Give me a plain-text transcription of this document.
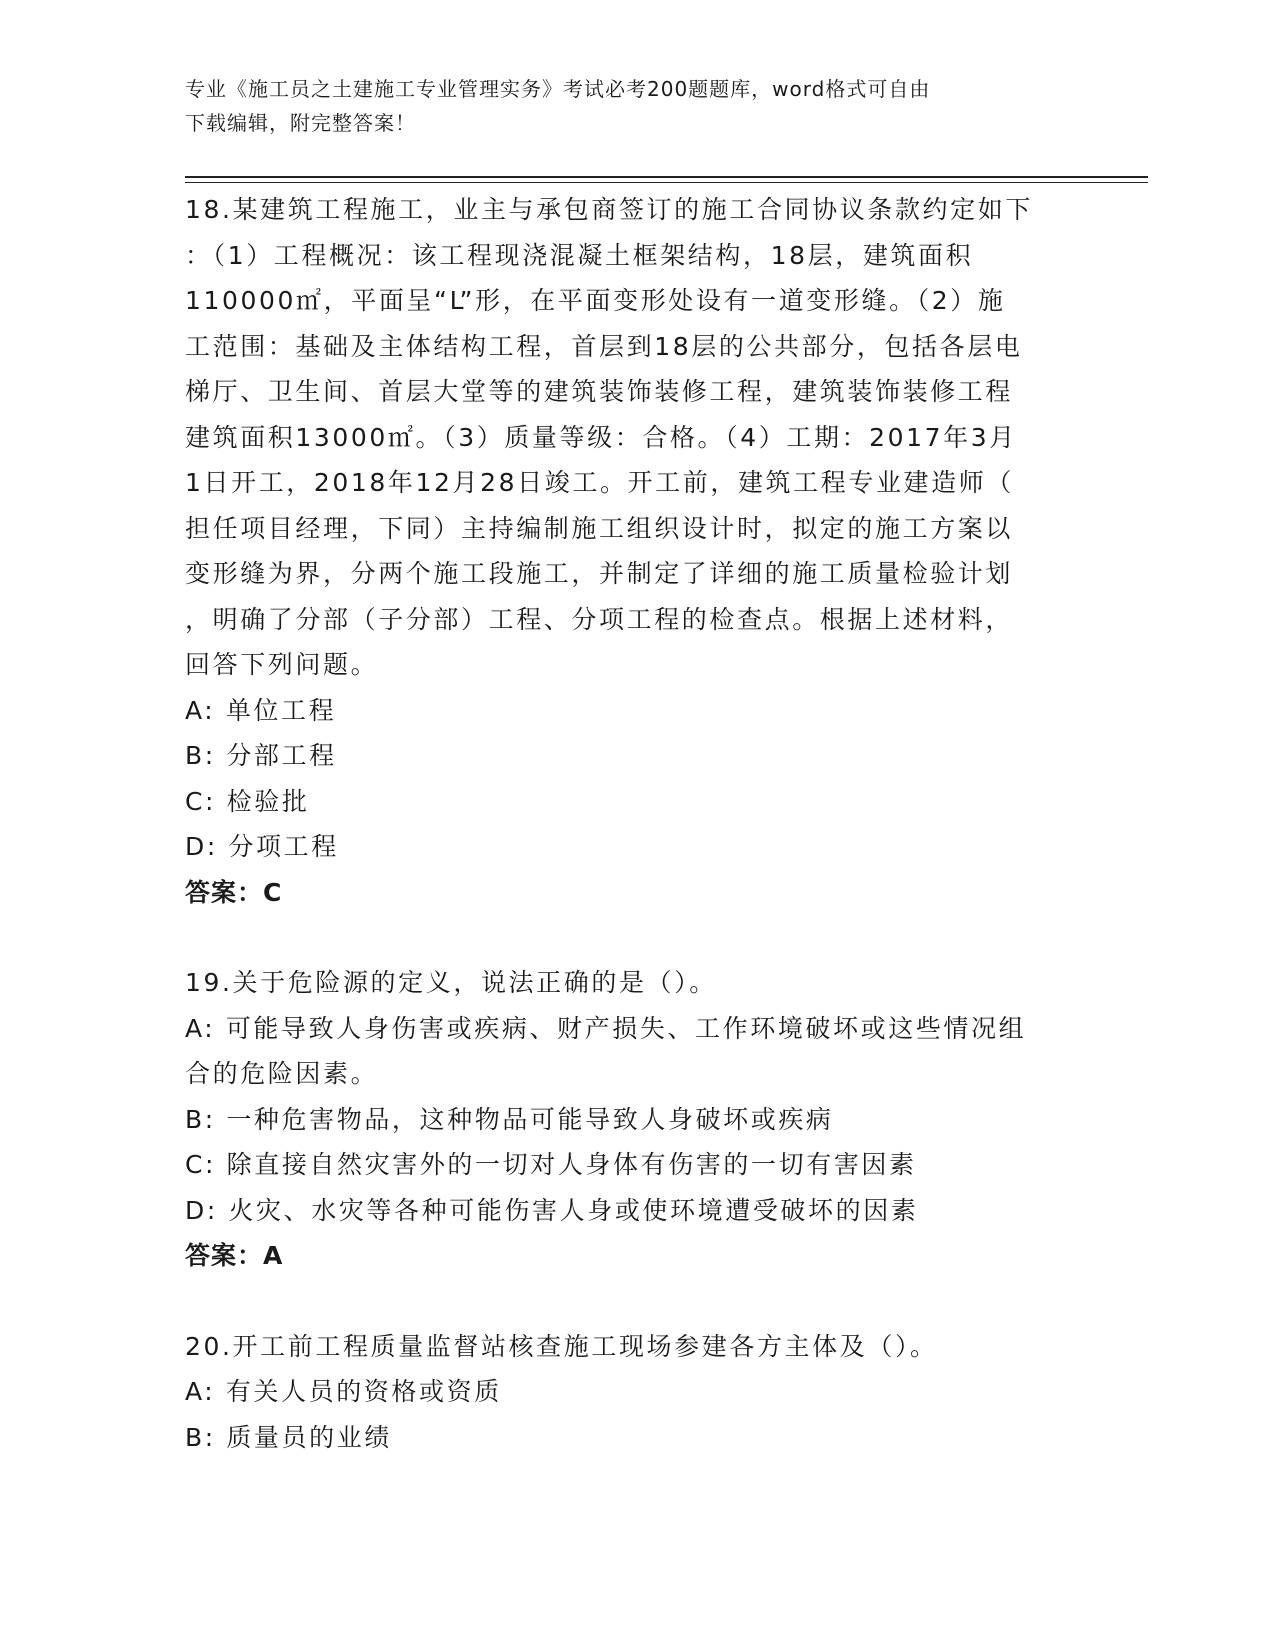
专业《施工员之土建施工专业管理实务》考试必考200题题库，word格式可自由
下载编辑，附完整答案！

18.某建筑工程施工，业主与承包商签订的施工合同协议条款约定如下
：（1）工程概况：该工程现浇混凝土框架结构，18层，建筑面积
110000㎡，平面呈“L”形，在平面变形处设有一道变形缝。（2）施
工范围：基础及主体结构工程，首层到18层的公共部分，包括各层电
梯厅、卫生间、首层大堂等的建筑装饰装修工程，建筑装饰装修工程
建筑面积13000㎡。（3）质量等级：合格。（4）工期：2017年3月
1日开工，2018年12月28日竣工。开工前，建筑工程专业建造师（
担任项目经理，下同）主持编制施工组织设计时，拟定的施工方案以
变形缝为界，分两个施工段施工，并制定了详细的施工质量检验计划
，明确了分部（子分部）工程、分项工程的检查点。根据上述材料，
回答下列问题。

A: 单位工程

B: 分部工程

C: 检验批

D: 分项工程

答案：C

19.关于危险源的定义，说法正确的是（）。

A: 可能导致人身伤害或疾病、财产损失、工作环境破坏或这些情况组
合的危险因素。

B: 一种危害物品，这种物品可能导致人身破坏或疾病

C: 除直接自然灾害外的一切对人身体有伤害的一切有害因素

D: 火灾、水灾等各种可能伤害人身或使环境遭受破坏的因素

答案：A

20.开工前工程质量监督站核查施工现场参建各方主体及（）。

A: 有关人员的资格或资质

B: 质量员的业绩
